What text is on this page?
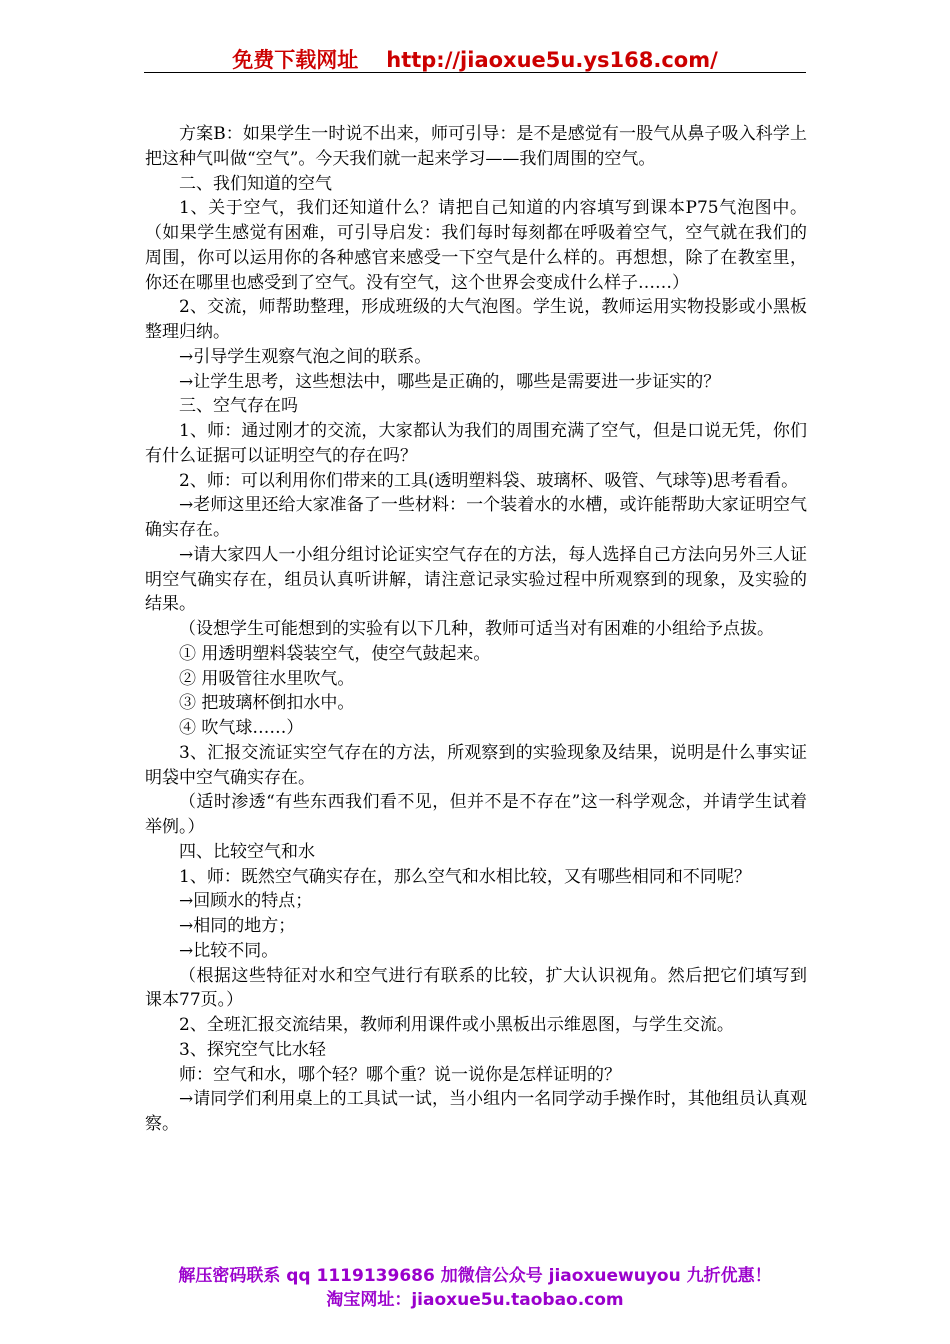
免费下载网址 http://jiaoxue5u.ys168.com/

方案B：如果学生一时说不出来，师可引导：是不是感觉有一股气从鼻子吸入科学上把这种气叫做“空气”。今天我们就一起来学习——我们周围的空气。

二、我们知道的空气

1、关于空气，我们还知道什么？请把自己知道的内容填写到课本P75气泡图中。（如果学生感觉有困难，可引导启发：我们每时每刻都在呼吸着空气，空气就在我们的周围，你可以运用你的各种感官来感受一下空气是什么样的。再想想，除了在教室里，你还在哪里也感受到了空气。没有空气，这个世界会变成什么样子……）

2、交流，师帮助整理，形成班级的大气泡图。学生说，教师运用实物投影或小黑板整理归纳。

→引导学生观察气泡之间的联系。

→让学生思考，这些想法中，哪些是正确的，哪些是需要进一步证实的？

三、空气存在吗

1、师：通过刚才的交流，大家都认为我们的周围充满了空气，但是口说无凭，你们有什么证据可以证明空气的存在吗？

2、师：可以利用你们带来的工具(透明塑料袋、玻璃杯、吸管、气球等)思考看看。

→老师这里还给大家准备了一些材料：一个装着水的水槽，或许能帮助大家证明空气确实存在。

→请大家四人一小组分组讨论证实空气存在的方法，每人选择自己方法向另外三人证明空气确实存在，组员认真听讲解，请注意记录实验过程中所观察到的现象，及实验的结果。

（设想学生可能想到的实验有以下几种，教师可适当对有困难的小组给予点拔。

① 用透明塑料袋装空气，使空气鼓起来。

② 用吸管往水里吹气。

③ 把玻璃杯倒扣水中。

④ 吹气球……）

3、汇报交流证实空气存在的方法，所观察到的实验现象及结果，说明是什么事实证明袋中空气确实存在。

（适时渗透“有些东西我们看不见，但并不是不存在”这一科学观念，并请学生试着举例。）

四、比较空气和水

1、师：既然空气确实存在，那么空气和水相比较，又有哪些相同和不同呢？

→回顾水的特点；

→相同的地方；

→比较不同。

（根据这些特征对水和空气进行有联系的比较，扩大认识视角。然后把它们填写到课本77页。）

2、全班汇报交流结果，教师利用课件或小黑板出示维恩图，与学生交流。

3、探究空气比水轻

师：空气和水，哪个轻？哪个重？说一说你是怎样证明的？

→请同学们利用桌上的工具试一试，当小组内一名同学动手操作时，其他组员认真观察。

解压密码联系 qq 1119139686 加微信公众号 jiaoxuewuyou 九折优惠！
淘宝网址：jiaoxue5u.taobao.com
